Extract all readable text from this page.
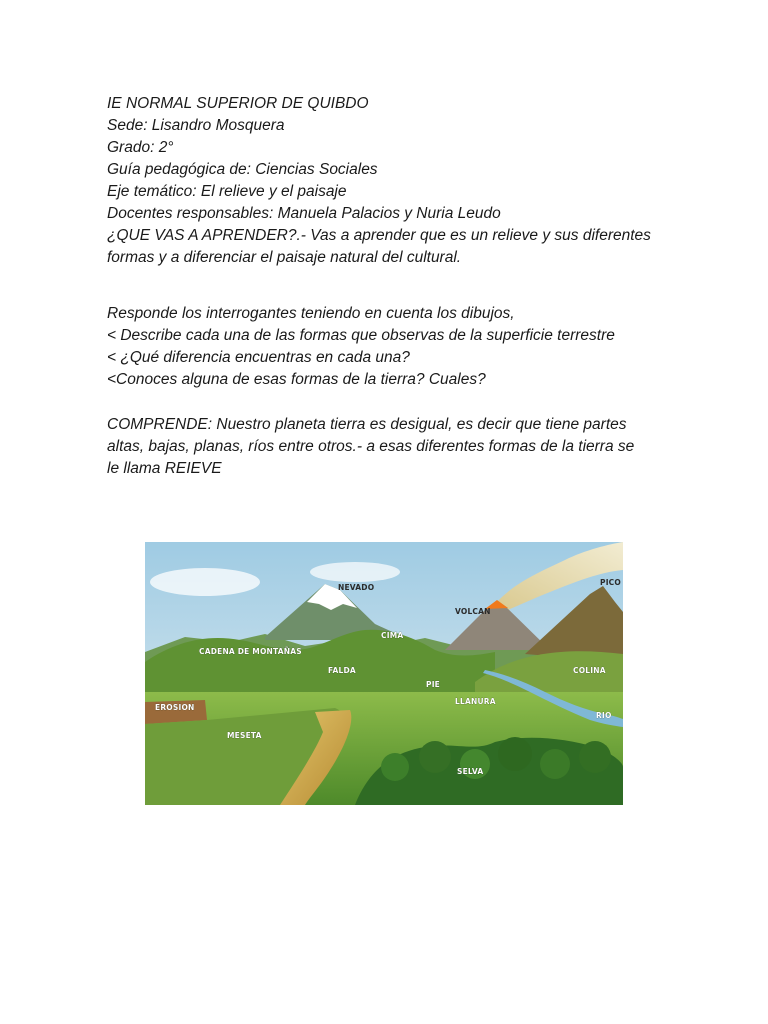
IE NORMAL SUPERIOR DE QUIBDO

Sede: Lisandro Mosquera

Grado: 2°

Guía pedagógica de: Ciencias Sociales

Eje temático: El relieve y el paisaje

Docentes responsables: Manuela Palacios y Nuria Leudo

¿QUE VAS A APRENDER?.- Vas a aprender que es un relieve y sus diferentes

formas y a diferenciar el paisaje natural del cultural.

Responde los interrogantes teniendo en cuenta los dibujos,

< Describe cada una de las formas que observas de la superficie terrestre

< ¿Qué diferencia encuentras en cada una?

<Conoces alguna de esas formas de la tierra? Cuales?

COMPRENDE: Nuestro planeta tierra es desigual, es decir que tiene partes

altas, bajas, planas, ríos entre otros.- a esas diferentes formas de la tierra se

le llama REIEVE

NEVADO
VOLCAN
PICO
CIMA
CADENA DE MONTAÑAS
FALDA	COLINA
PIE
LLANURA
EROSION
RIO
MESETA
SELVA
